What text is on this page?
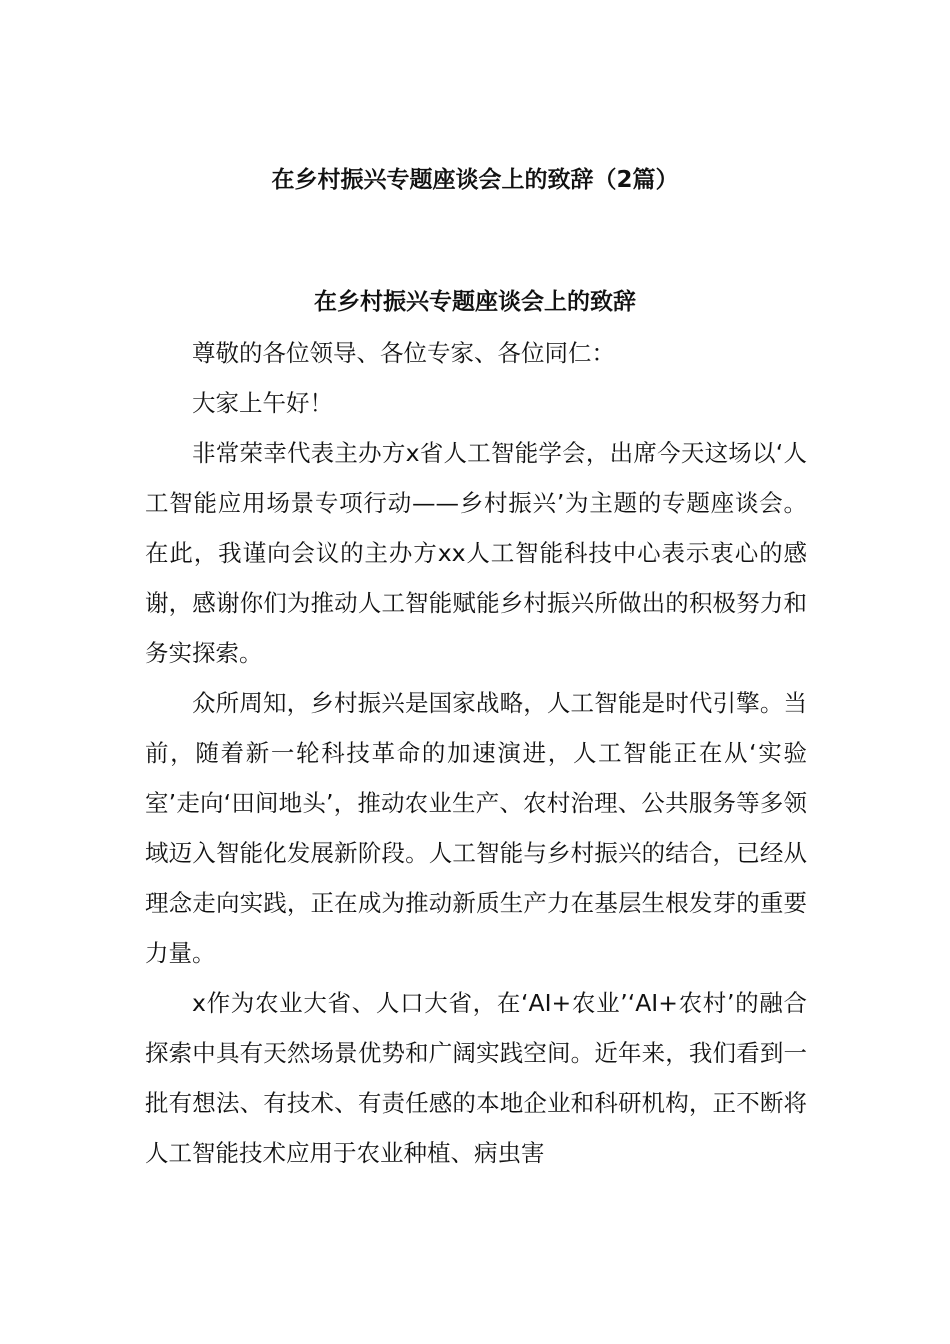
在乡村振兴专题座谈会上的致辞（2篇）
在乡村振兴专题座谈会上的致辞

尊敬的各位领导、各位专家、各位同仁：

大家上午好！

非常荣幸代表主办方x省人工智能学会，出席今天这场以‘人工智能应用场景专项行动——乡村振兴’为主题的专题座谈会。在此，我谨向会议的主办方xx人工智能科技中心表示衷心的感谢，感谢你们为推动人工智能赋能乡村振兴所做出的积极努力和务实探索。

众所周知，乡村振兴是国家战略，人工智能是时代引擎。当前，随着新一轮科技革命的加速演进，人工智能正在从‘实验室’走向‘田间地头’，推动农业生产、农村治理、公共服务等多领域迈入智能化发展新阶段。人工智能与乡村振兴的结合，已经从理念走向实践，正在成为推动新质生产力在基层生根发芽的重要力量。

x作为农业大省、人口大省，在‘AI+农业’‘AI+农村’的融合探索中具有天然场景优势和广阔实践空间。近年来，我们看到一批有想法、有技术、有责任感的本地企业和科研机构，正不断将人工智能技术应用于农业种植、病虫害
